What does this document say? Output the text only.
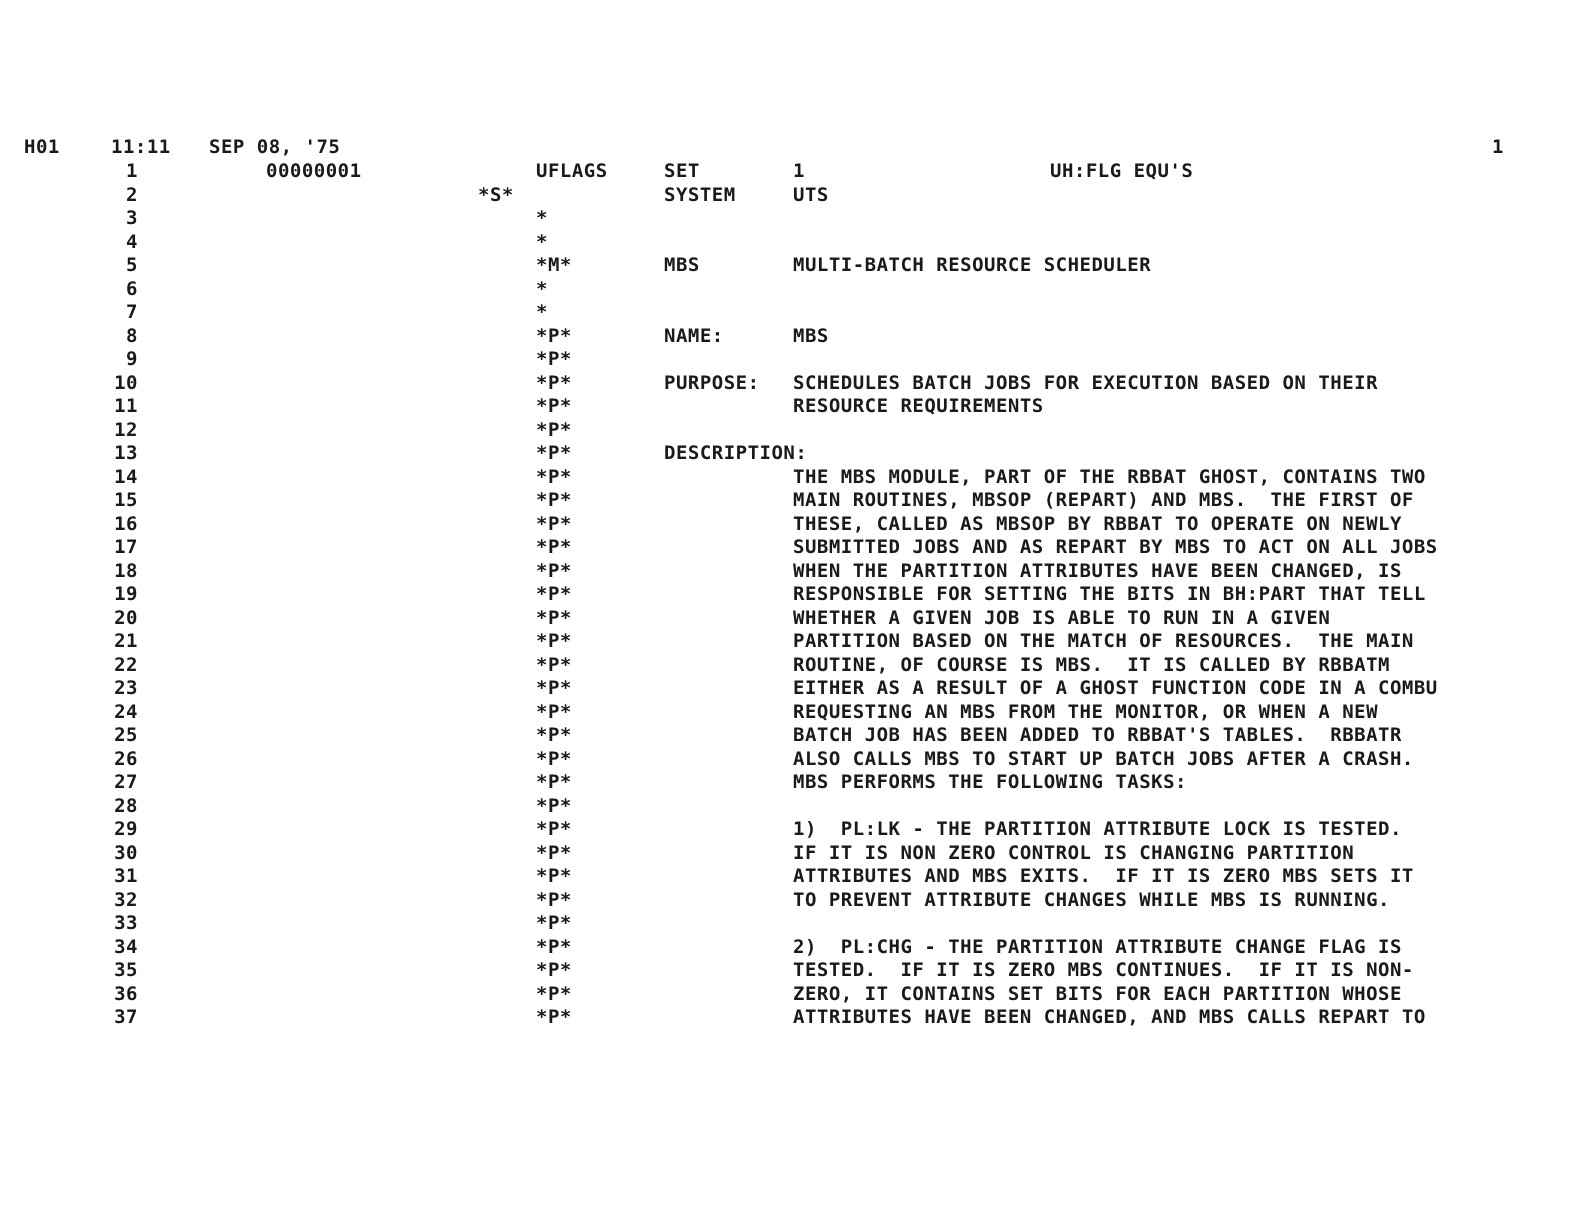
H01	11:11 SEP 08, '75	1
1	00000001	UFLAGS	SET	1	UH:FLG EQU'S
2	*S*	SYSTEM	UTS
3	*
4	*
5	*M*	MBS	MULTI-BATCH RESOURCE SCHEDULER
6	*
7	*
8	*P*	NAME:	MBS
9	*P*
10	*P*	PURPOSE: SCHEDULES BATCH JOBS FOR EXECUTION BASED ON THEIR
11	*P*	RESOURCE REQUIREMENTS
12	*P*
13	*P*	DESCRIPTION:
14	*P*	THE MBS MODULE, PART OF THE RBBAT GHOST, CONTAINS TWO
15	*P*	MAIN ROUTINES, MBSOP (REPART) AND MBS.  THE FIRST OF
16	*P*	THESE, CALLED AS MBSOP BY RBBAT TO OPERATE ON NEWLY
17	*P*	SUBMITTED JOBS AND AS REPART BY MBS TO ACT ON ALL JOBS
18	*P*	WHEN THE PARTITION ATTRIBUTES HAVE BEEN CHANGED, IS
19	*P*	RESPONSIBLE FOR SETTING THE BITS IN BH:PART THAT TELL
20	*P*	WHETHER A GIVEN JOB IS ABLE TO RUN IN A GIVEN
21	*P*	PARTITION BASED ON THE MATCH OF RESOURCES.  THE MAIN
22	*P*	ROUTINE, OF COURSE IS MBS.  IT IS CALLED BY RBBATM
23	*P*	EITHER AS A RESULT OF A GHOST FUNCTION CODE IN A COMBU
24	*P*	REQUESTING AN MBS FROM THE MONITOR, OR WHEN A NEW
25	*P*	BATCH JOB HAS BEEN ADDED TO RBBAT'S TABLES.  RBBATR
26	*P*	ALSO CALLS MBS TO START UP BATCH JOBS AFTER A CRASH.
27	*P*	MBS PERFORMS THE FOLLOWING TASKS:
28	*P*
29	*P*	1)  PL:LK - THE PARTITION ATTRIBUTE LOCK IS TESTED.
30	*P*	IF IT IS NON ZERO CONTROL IS CHANGING PARTITION
31	*P*	ATTRIBUTES AND MBS EXITS.  IF IT IS ZERO MBS SETS IT
32	*P*	TO PREVENT ATTRIBUTE CHANGES WHILE MBS IS RUNNING.
33	*P*
34	*P*	2)  PL:CHG - THE PARTITION ATTRIBUTE CHANGE FLAG IS
35	*P*	TESTED.  IF IT IS ZERO MBS CONTINUES.  IF IT IS NON-
36	*P*	ZERO, IT CONTAINS SET BITS FOR EACH PARTITION WHOSE
37	*P*	ATTRIBUTES HAVE BEEN CHANGED, AND MBS CALLS REPART TO
